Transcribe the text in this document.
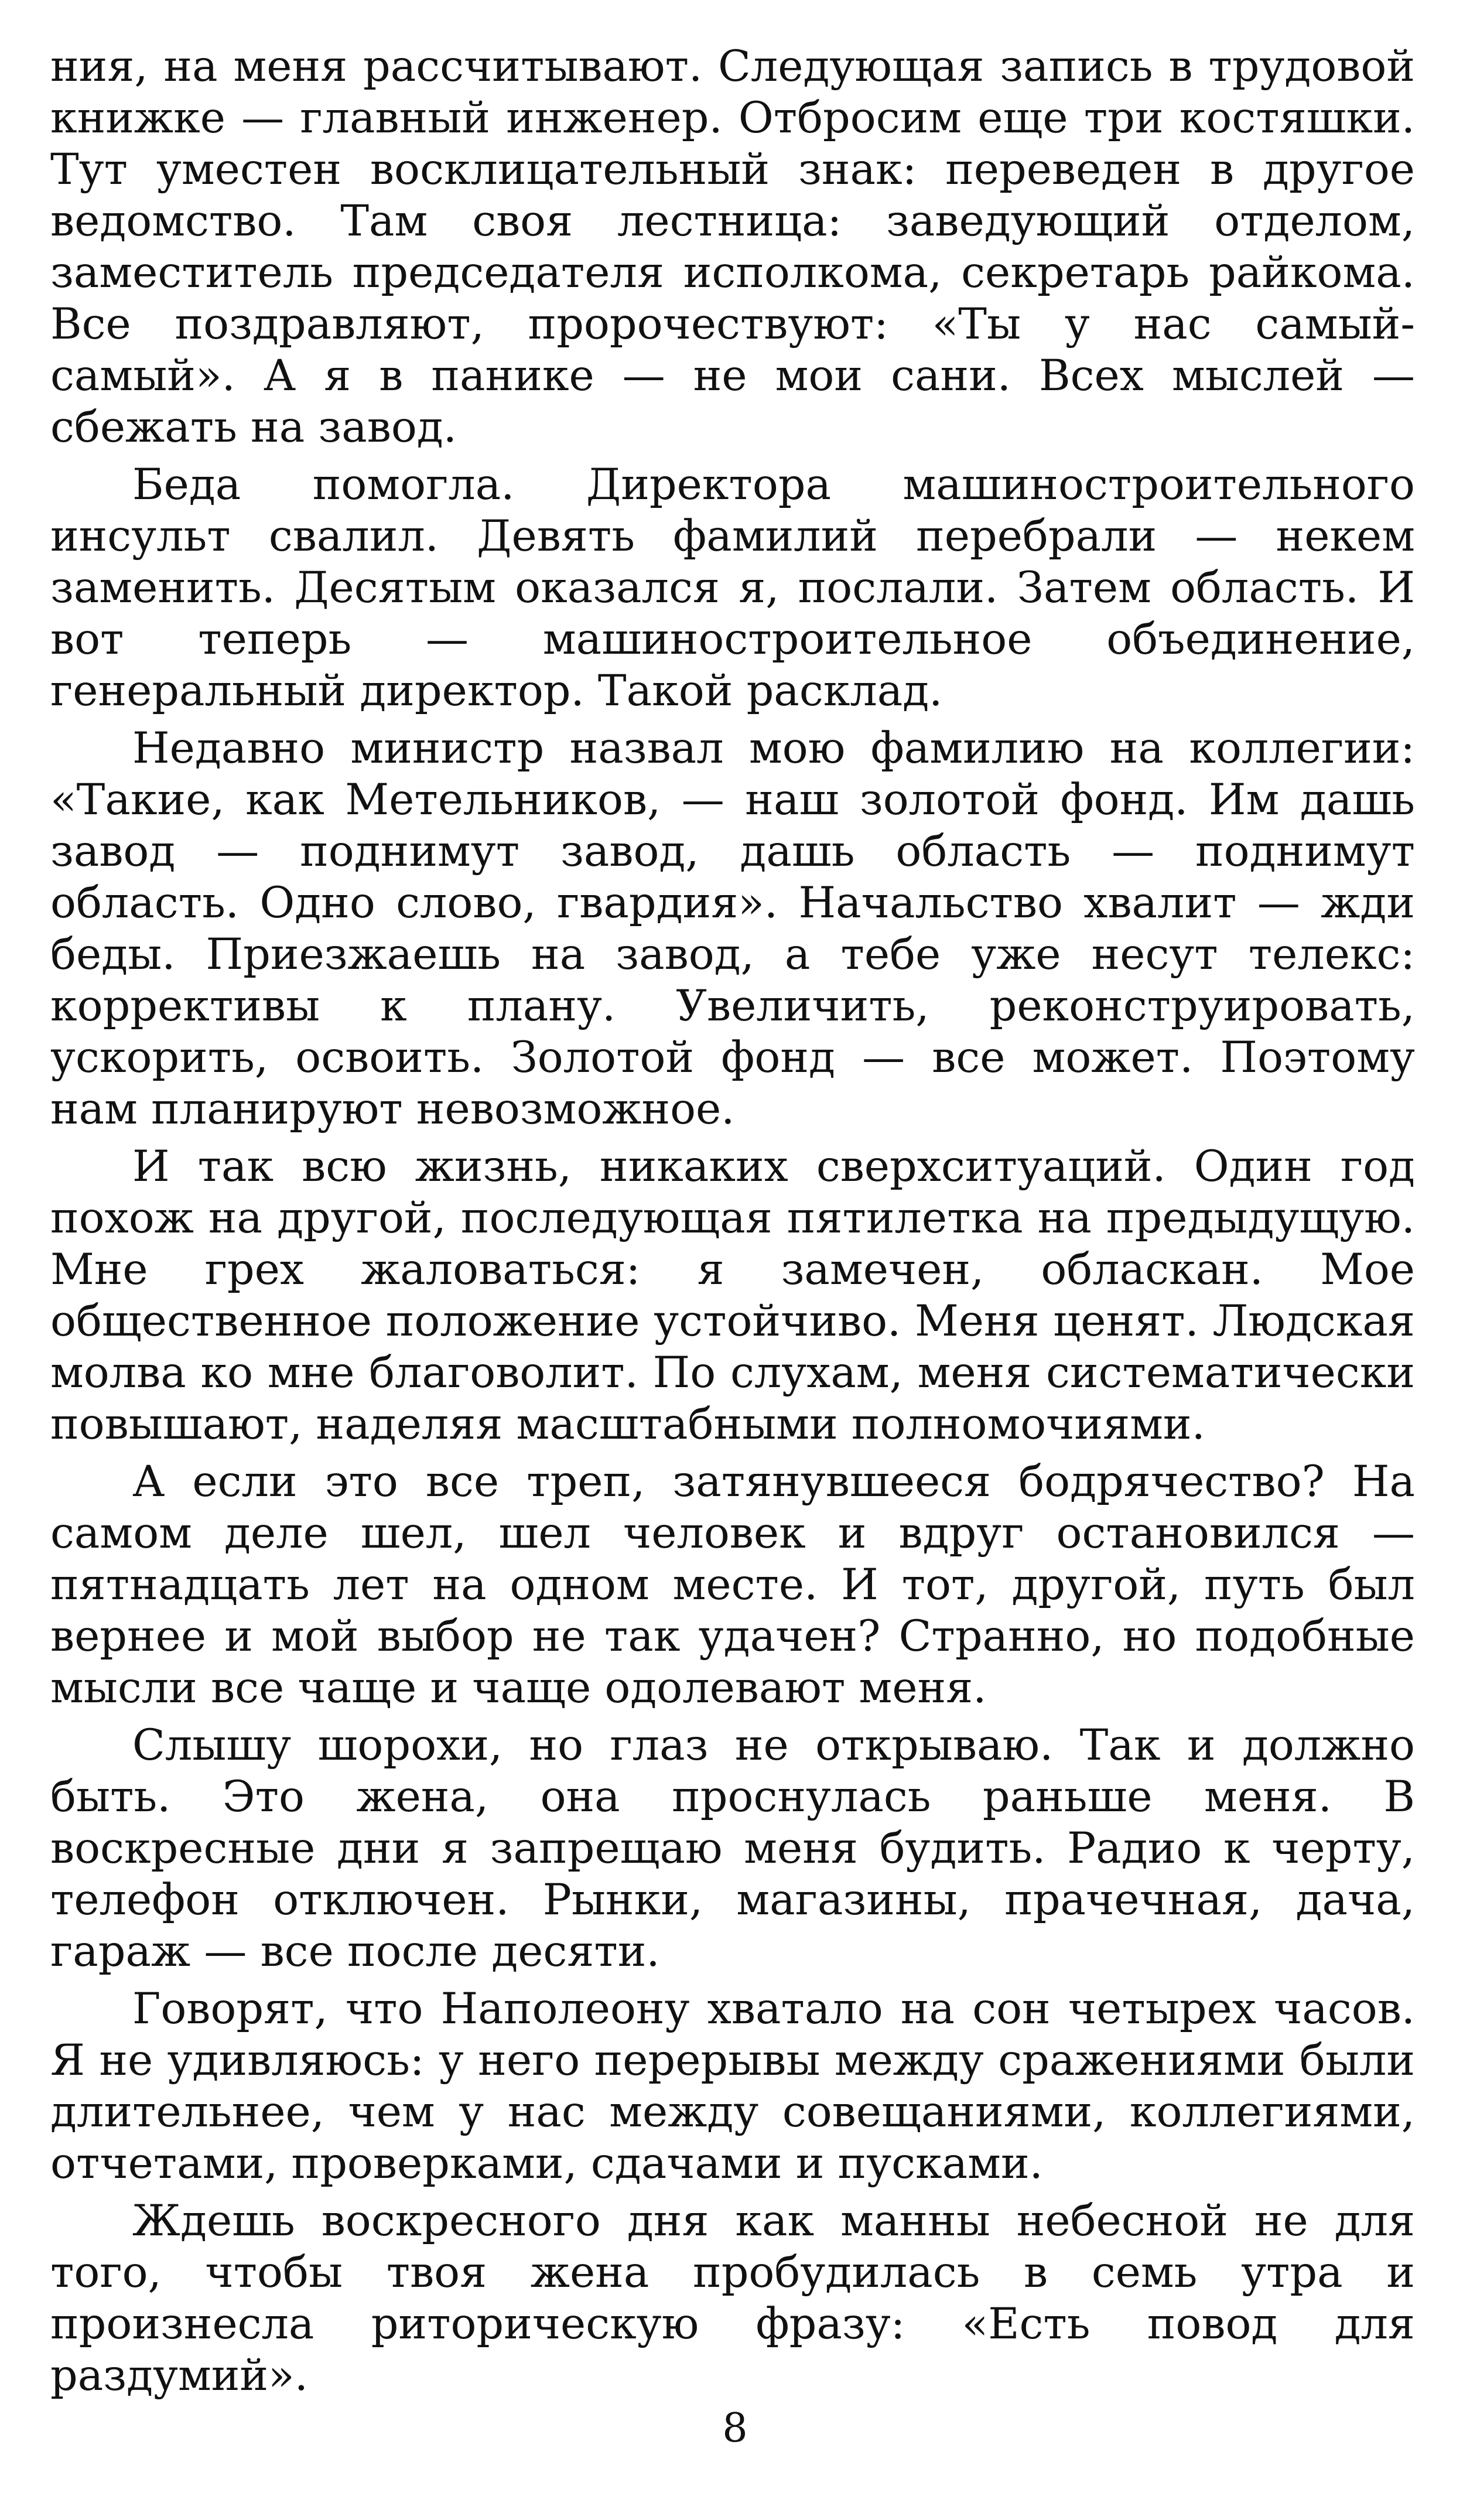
ния, на меня рассчитывают. Следующая запись в трудовой книжке — главный инженер. Отбросим еще три костяшки. Тут уместен восклицательный знак: переведен в другое ведомство. Там своя лестница: заведующий отделом, заместитель председателя исполкома, секретарь райкома. Все поздравляют, пророчествуют: «Ты у нас самый-самый». А я в панике — не мои сани. Всех мыслей — сбежать на завод.

Беда помогла. Директора машиностроительного инсульт свалил. Девять фамилий перебрали — некем заменить. Десятым оказался я, послали. Затем область. И вот теперь — машиностроительное объединение, генеральный директор. Такой расклад.

Недавно министр назвал мою фамилию на коллегии: «Такие, как Метельников, — наш золотой фонд. Им дашь завод — поднимут завод, дашь область — поднимут область. Одно слово, гвардия». Начальство хвалит — жди беды. Приезжаешь на завод, а тебе уже несут телекс: коррективы к плану. Увеличить, реконструировать, ускорить, освоить. Золотой фонд — все может. Поэтому нам планируют невозможное.

И так всю жизнь, никаких сверхситуаций. Один год похож на другой, последующая пятилетка на предыдущую. Мне грех жаловаться: я замечен, обласкан. Мое общественное положение устойчиво. Меня ценят. Людская молва ко мне благоволит. По слухам, меня систематически повышают, наделяя масштабными полномочиями.

А если это все треп, затянувшееся бодрячество? На самом деле шел, шел человек и вдруг остановился — пятнадцать лет на одном месте. И тот, другой, путь был вернее и мой выбор не так удачен? Странно, но подобные мысли все чаще и чаще одолевают меня.

Слышу шорохи, но глаз не открываю. Так и должно быть. Это жена, она проснулась раньше меня. В воскресные дни я запрещаю меня будить. Радио к черту, телефон отключен. Рынки, магазины, прачечная, дача, гараж — все после десяти.

Говорят, что Наполеону хватало на сон четырех часов. Я не удивляюсь: у него перерывы между сражениями были длительнее, чем у нас между совещаниями, коллегиями, отчетами, проверками, сдачами и пусками.

Ждешь воскресного дня как манны небесной не для того, чтобы твоя жена пробудилась в семь утра и произнесла риторическую фразу: «Есть повод для раздумий».

8
